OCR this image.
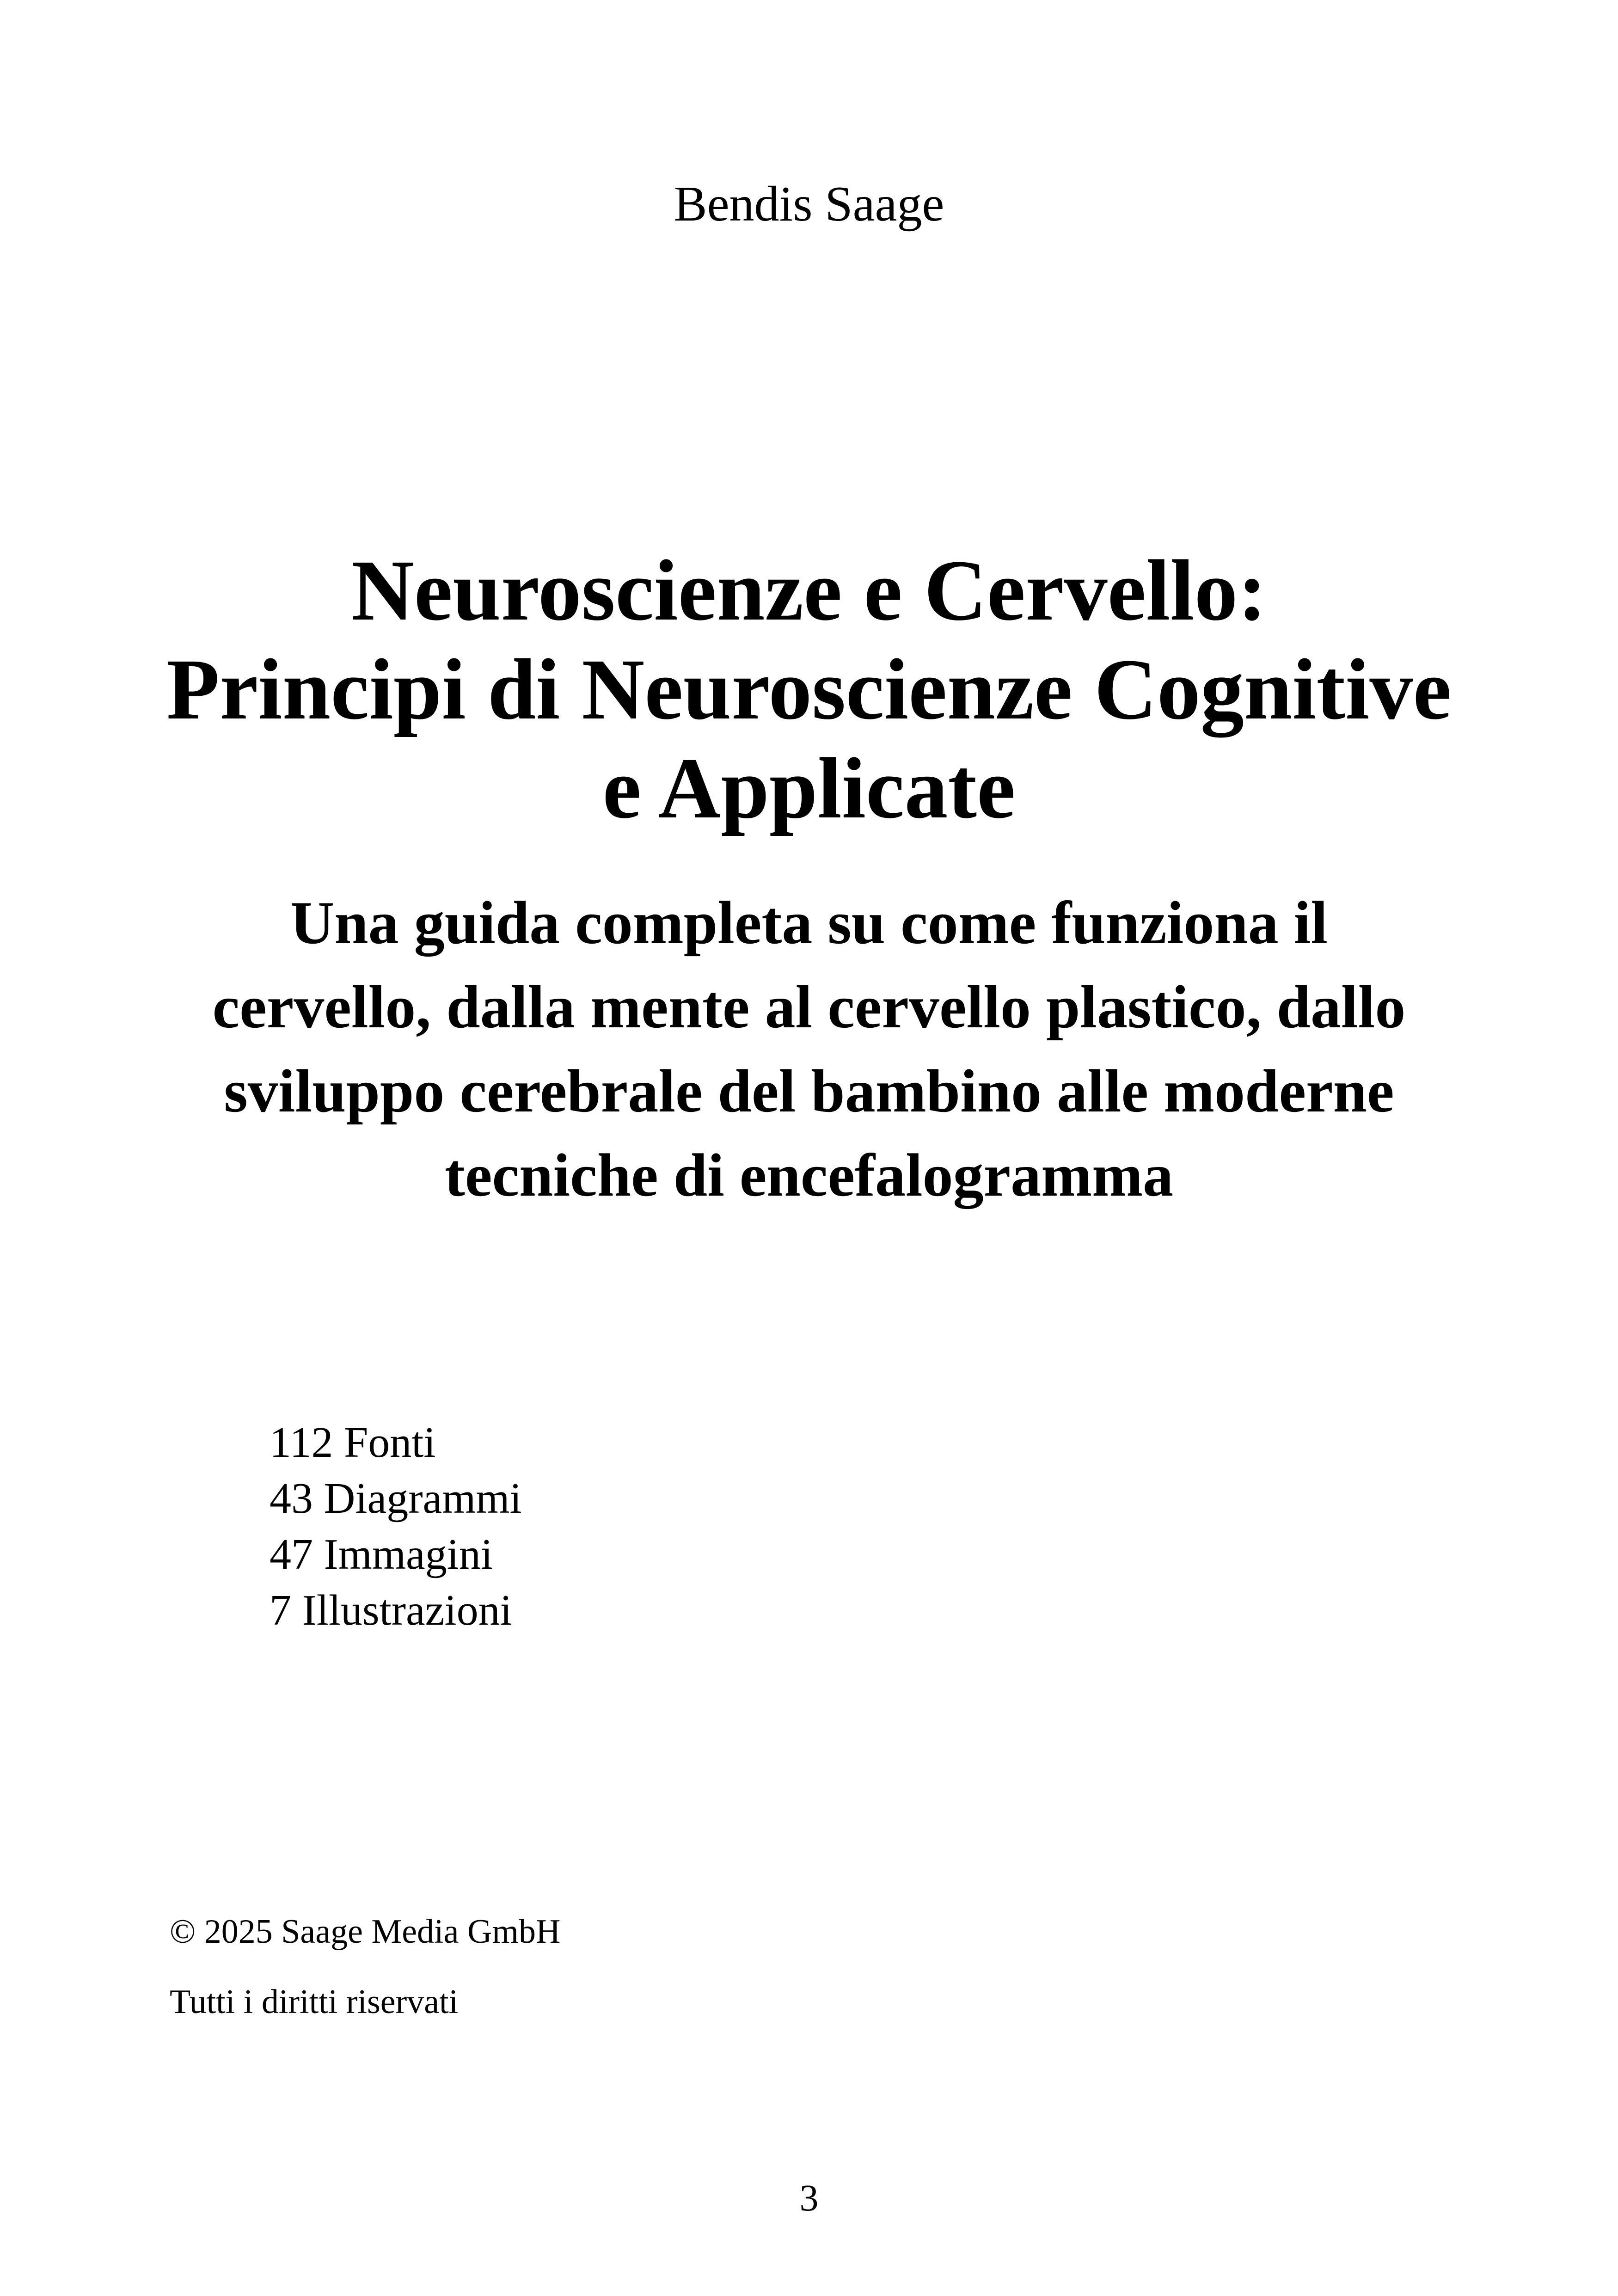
Bendis Saage
Neuroscienze e Cervello:
Principi di Neuroscienze Cognitive
e Applicate
Una guida completa su come funziona il
cervello, dalla mente al cervello plastico, dallo
sviluppo cerebrale del bambino alle moderne
tecniche di encefalogramma
112 Fonti
43 Diagrammi
47 Immagini
7 Illustrazioni
© 2025 Saage Media GmbH
Tutti i diritti riservati
3
